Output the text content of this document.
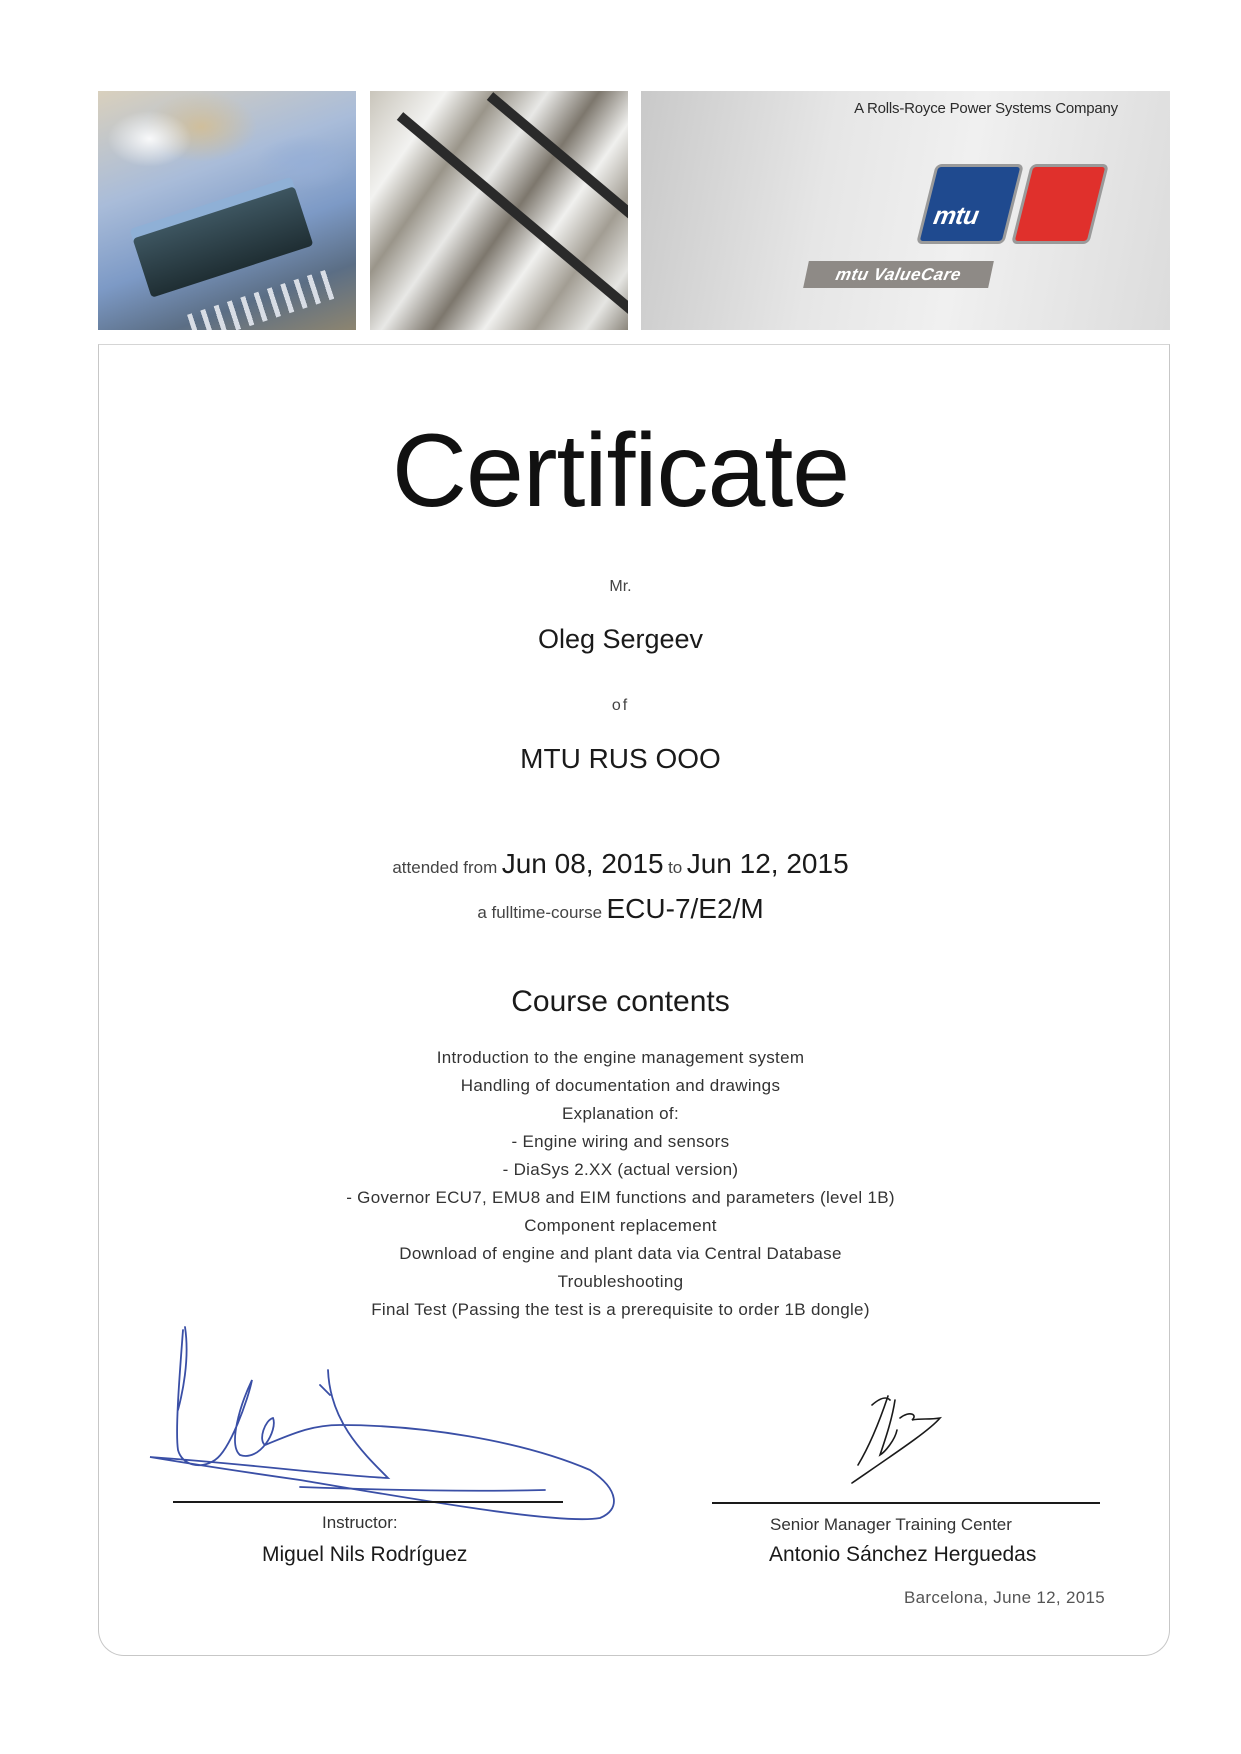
A Rolls-Royce Power Systems Company
mtu
mtu ValueCare
Certificate
Mr.
Oleg Sergeev
of
MTU RUS OOO
attended from Jun 08, 2015 to Jun 12, 2015
a fulltime-course ECU-7/E2/M
Course contents
Introduction to the engine management system
Handling of documentation and drawings
Explanation of:
- Engine wiring and sensors
- DiaSys 2.XX (actual version)
- Governor ECU7, EMU8 and EIM functions and parameters (level 1B)
Component replacement
Download of engine and plant data via Central Database
Troubleshooting
Final Test (Passing the test is a prerequisite to order 1B dongle)
Instructor:
Miguel Nils Rodríguez
Senior Manager Training Center
Antonio Sánchez Herguedas
Barcelona, June 12, 2015
